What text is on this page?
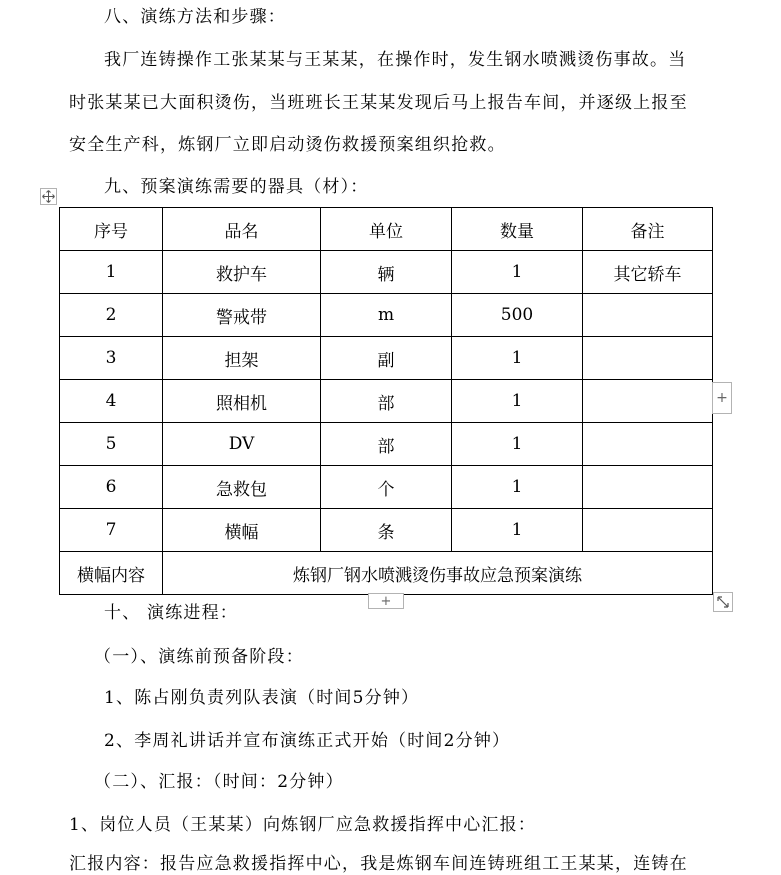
八、演练方法和步骤：
我厂连铸操作工张某某与王某某，在操作时，发生钢水喷溅烫伤事故。当
时张某某已大面积烫伤，当班班长王某某发现后马上报告车间，并逐级上报至
安全生产科，炼钢厂立即启动烫伤救援预案组织抢救。
九、预案演练需要的器具（材）：
序号	品名	单位	数量	备注
1	救护车	辆	1	其它轿车
2	警戒带	m	500	
3	担架	副	1	
4	照相机	部	1	
5	DV	部	1	
6	急救包	个	1	
7	横幅	条	1	
横幅内容	炼钢厂钢水喷溅烫伤事故应急预案演练			
+
+
十、 演练进程：
（一）、演练前预备阶段：
1、陈占刚负责列队表演（时间5分钟）
2、李周礼讲话并宣布演练正式开始（时间2分钟）
（二）、汇报：（时间：2分钟）
1、岗位人员（王某某）向炼钢厂应急救援指挥中心汇报：
汇报内容：报告应急救援指挥中心，我是炼钢车间连铸班组工王某某，连铸在
